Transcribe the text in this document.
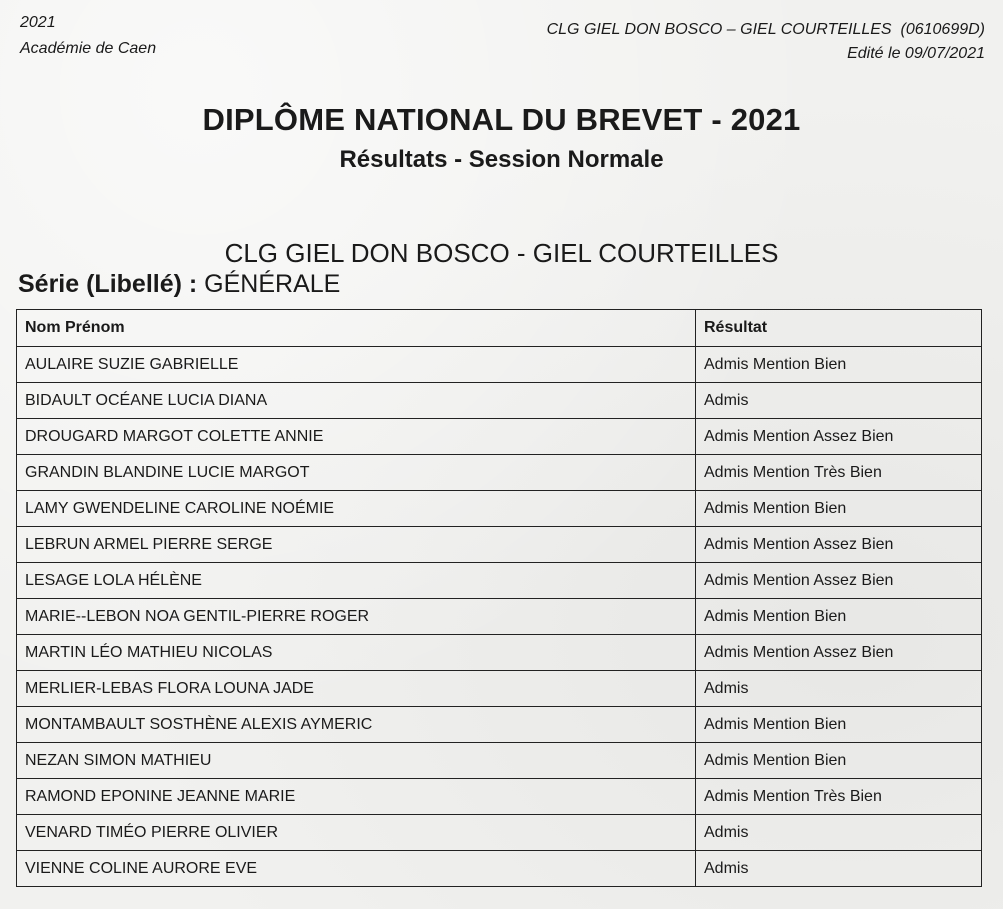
2021
Académie de Caen
CLG GIEL DON BOSCO – GIEL COURTEILLES  (0610699D)
Edité le 09/07/2021
DIPLÔME NATIONAL DU BREVET - 2021
Résultats - Session Normale
CLG GIEL DON BOSCO - GIEL COURTEILLES
Série (Libellé) : GÉNÉRALE
Nom Prénom	Résultat
AULAIRE SUZIE GABRIELLE	Admis Mention Bien
BIDAULT OCÉANE LUCIA DIANA	Admis
DROUGARD MARGOT COLETTE ANNIE	Admis Mention Assez Bien
GRANDIN BLANDINE LUCIE MARGOT	Admis Mention Très Bien
LAMY GWENDELINE CAROLINE NOÉMIE	Admis Mention Bien
LEBRUN ARMEL PIERRE SERGE	Admis Mention Assez Bien
LESAGE LOLA HÉLÈNE	Admis Mention Assez Bien
MARIE--LEBON NOA GENTIL-PIERRE ROGER	Admis Mention Bien
MARTIN LÉO MATHIEU NICOLAS	Admis Mention Assez Bien
MERLIER-LEBAS FLORA LOUNA JADE	Admis
MONTAMBAULT SOSTHÈNE ALEXIS AYMERIC	Admis Mention Bien
NEZAN SIMON MATHIEU	Admis Mention Bien
RAMOND EPONINE JEANNE MARIE	Admis Mention Très Bien
VENARD TIMÉO PIERRE OLIVIER	Admis
VIENNE COLINE AURORE EVE	Admis
